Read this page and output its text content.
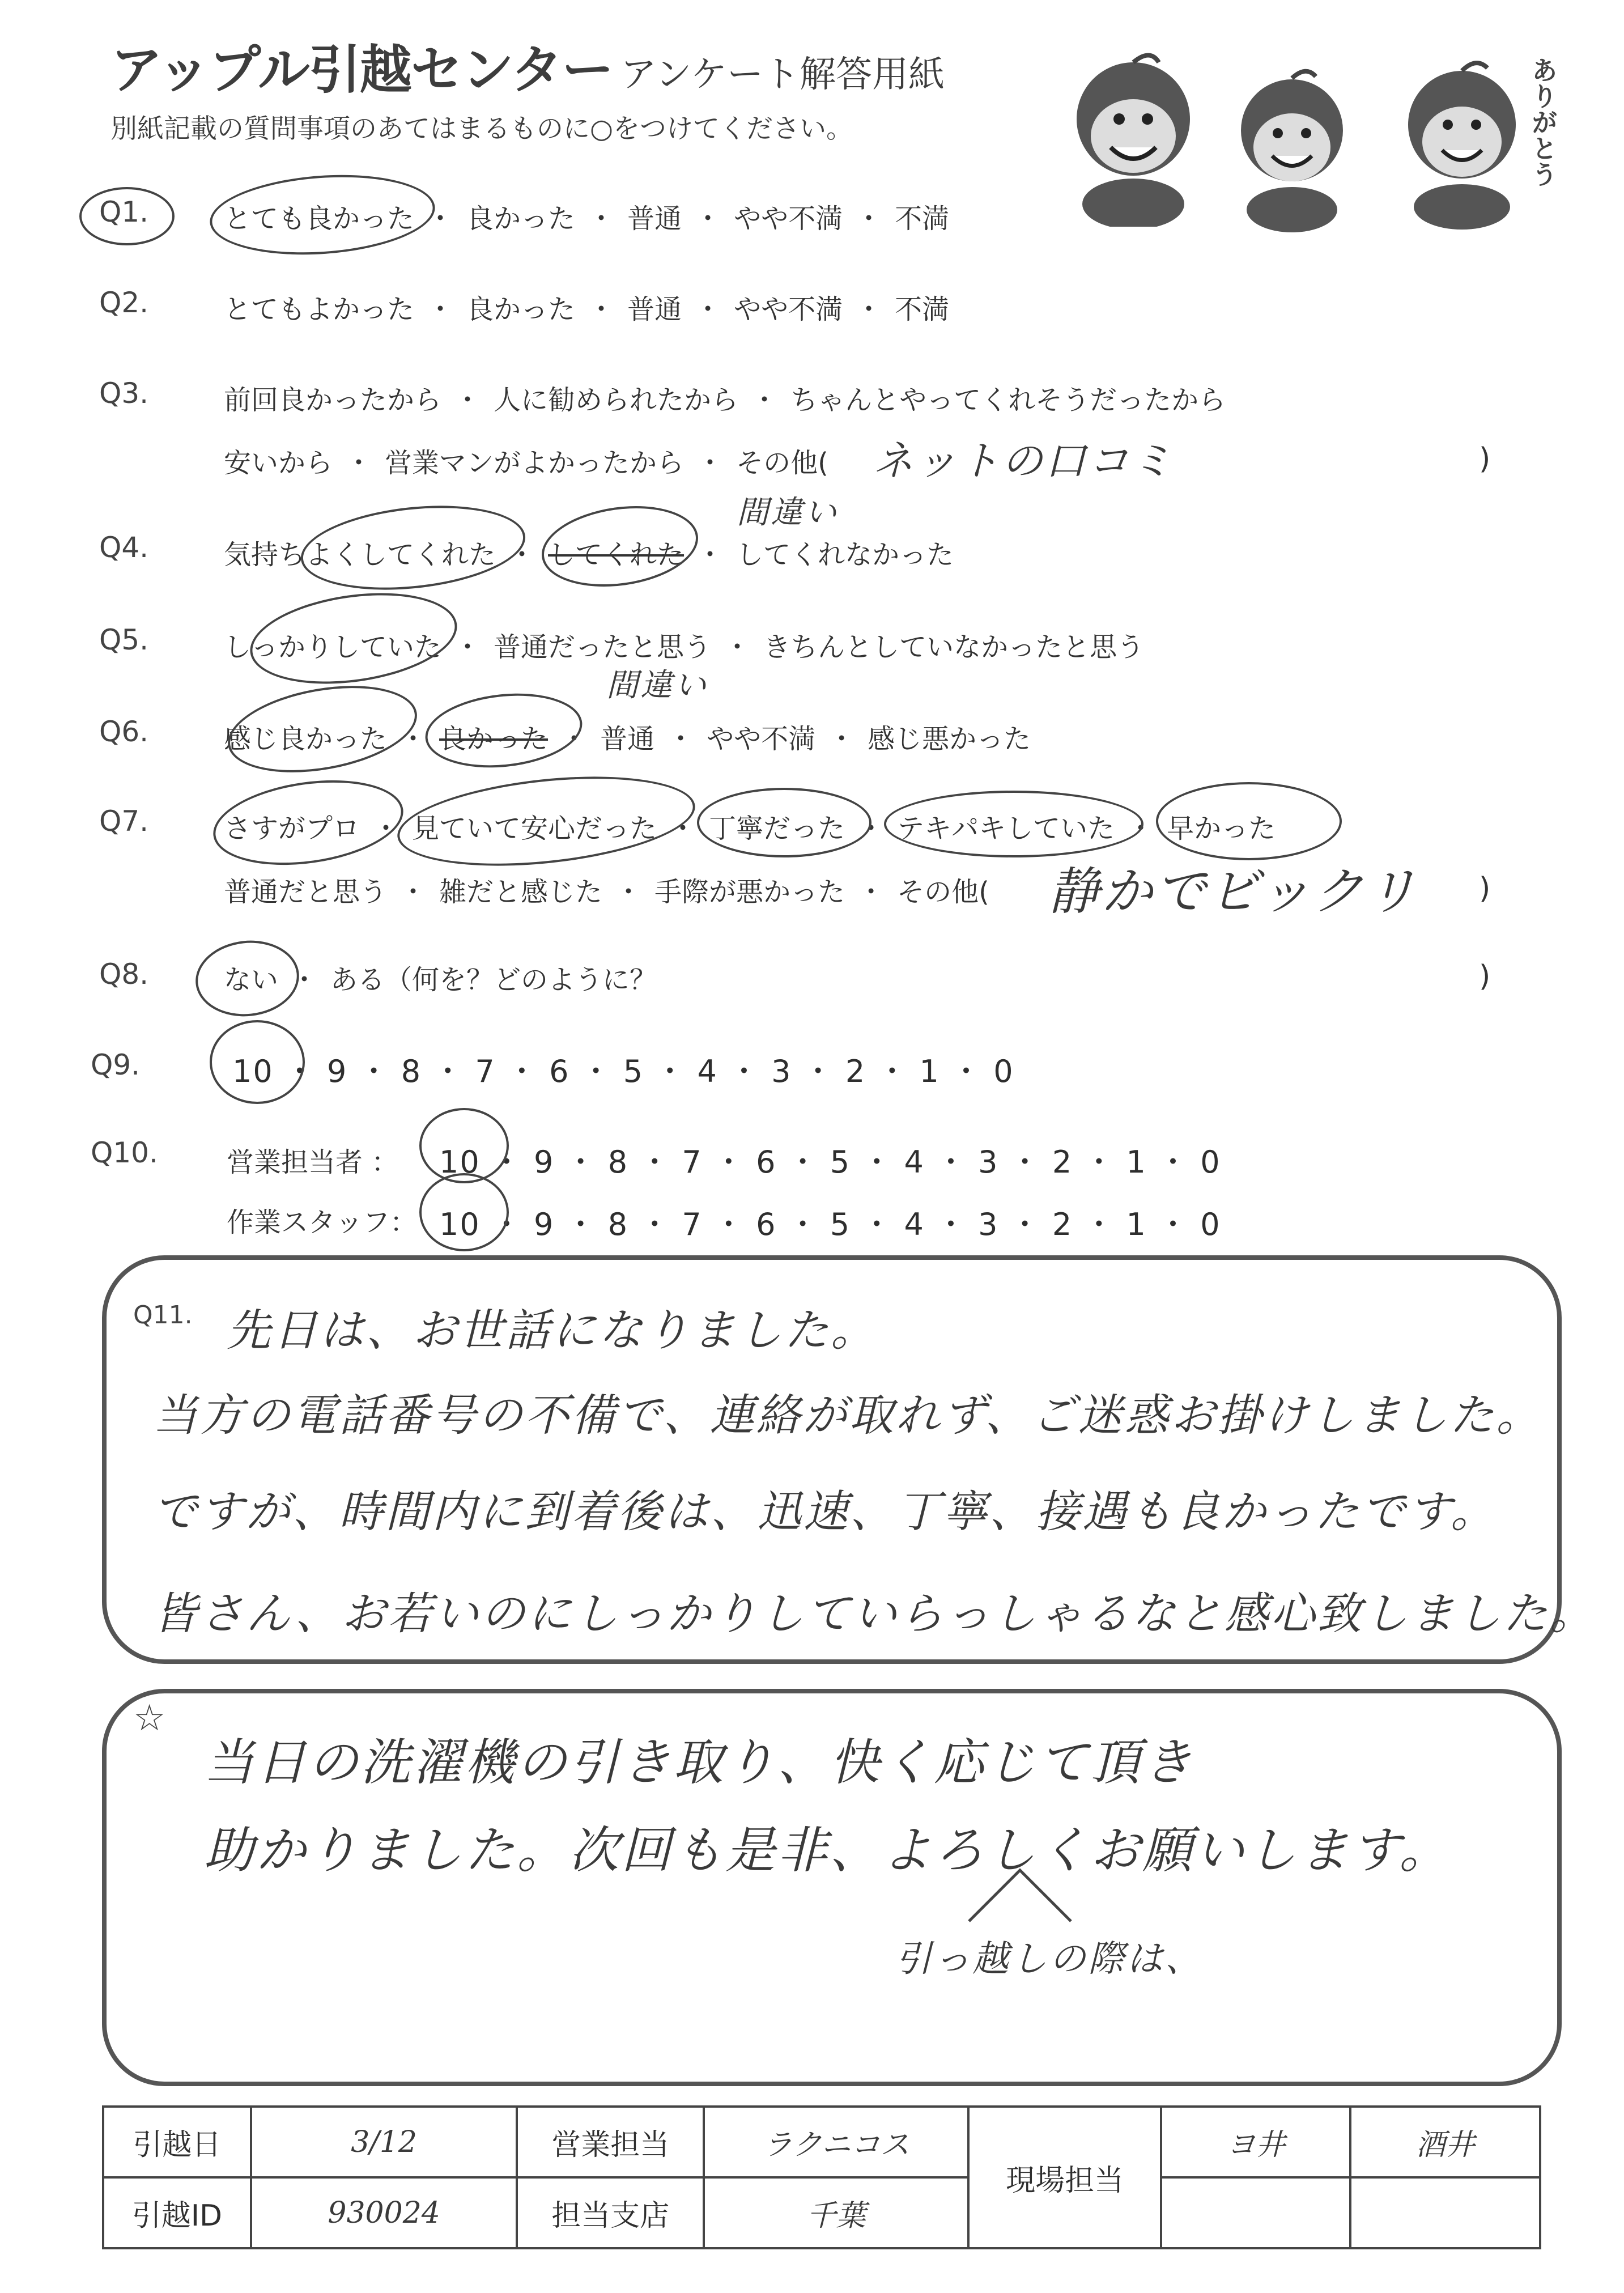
アップル引越センター アンケート解答用紙
別紙記載の質問事項のあてはまるものに○をつけてください。	ありがとう
Q1.	とても良かった ・ 良かった ・ 普通 ・ やや不満 ・ 不満
Q2.	とてもよかった ・ 良かった ・ 普通 ・ やや不満 ・ 不満
Q3.	前回良かったから ・ 人に勧められたから ・ ちゃんとやってくれそうだったから
安いから ・ 営業マンがよかったから ・ その他( ネットの口コミ	)
Q4.	気持ちよくしてくれた ・ してくれた ・ してくれなかった
間違い
Q5.	しっかりしていた ・ 普通だったと思う ・ きちんとしていなかったと思う
Q6.	感じ良かった ・ 良かった ・ 普通 ・ やや不満 ・ 感じ悪かった
間違い
Q7.	さすがプロ ・ 見ていて安心だった ・ 丁寧だった ・ テキパキしていた ・ 早かった
普通だと思う ・ 雑だと感じた ・ 手際が悪かった ・ その他( 静かでビックリ )
Q8.	ない ・ ある（何を？どのように？	)
Q9.	10 ・ 9 ・ 8 ・ 7 ・ 6 ・ 5 ・ 4 ・ 3 ・ 2 ・ 1 ・ 0
Q10.	営業担当者 ： 10 ・ 9 ・ 8 ・ 7 ・ 6 ・ 5 ・ 4 ・ 3 ・ 2 ・ 1 ・ 0
作業スタッフ： 10 ・ 9 ・ 8 ・ 7 ・ 6 ・ 5 ・ 4 ・ 3 ・ 2 ・ 1 ・ 0
Q11. 先日は、お世話になりました。
当方の電話番号の不備で、連絡が取れず、ご迷惑お掛けしました。
ですが、時間内に到着後は、迅速、丁寧、接遇も良かったです。
皆さん、お若いのにしっかりしていらっしゃるなと感心致しました。
☆
当日の洗濯機の引き取り、快く応じて頂き
助かりました。次回も是非、よろしくお願いします。
引っ越しの際は、
引越日	3/12	営業担当	ラクニコス	現場担当	ヨ井	酒井
引越ID	930024	担当支店	千葉			
